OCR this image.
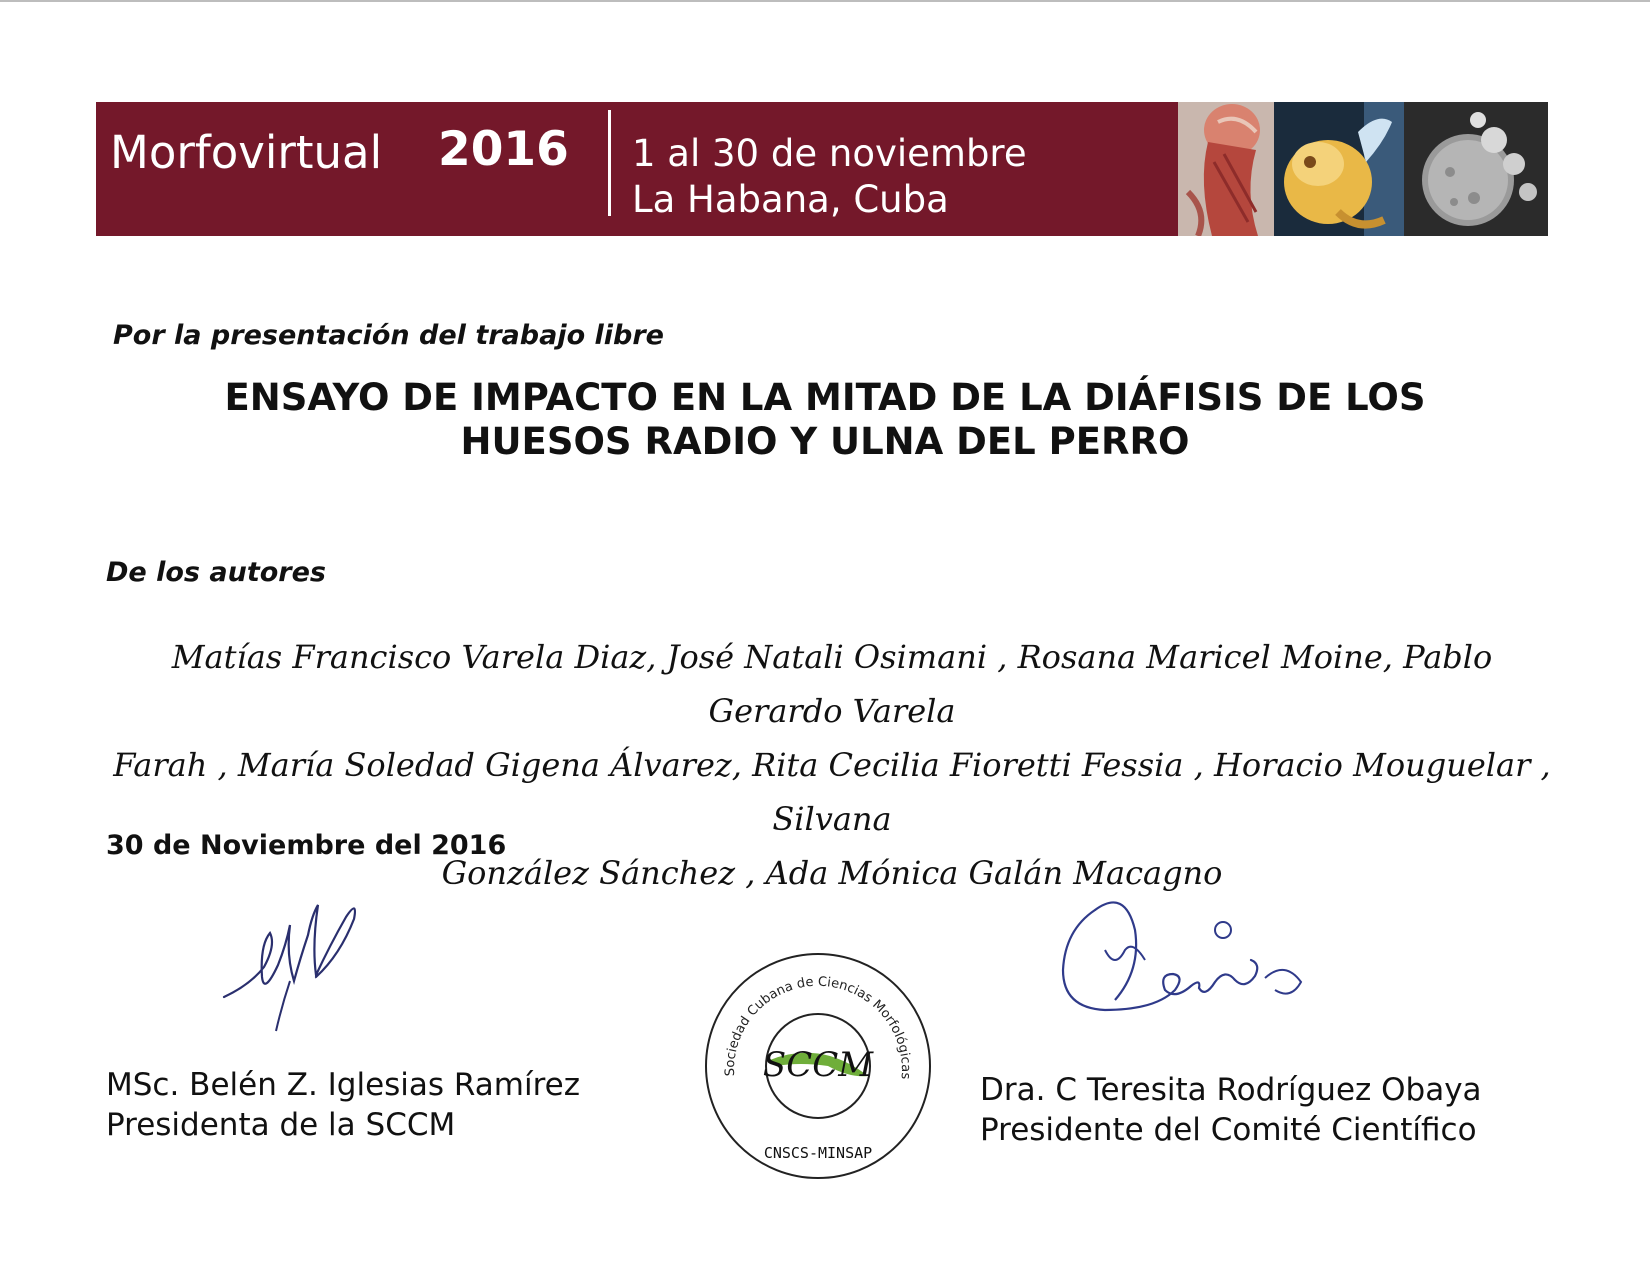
Morfovirtual 2016 1 al 30 de noviembre
La Habana, Cuba
Por la presentación del trabajo libre
ENSAYO DE IMPACTO EN LA MITAD DE LA DIÁFISIS DE LOS
HUESOS RADIO Y ULNA DEL PERRO
De los autores
Matías Francisco Varela Diaz, José Natali Osimani , Rosana Maricel Moine, Pablo Gerardo Varela
Farah , María Soledad Gigena Álvarez, Rita Cecilia Fioretti Fessia , Horacio Mouguelar , Silvana
González Sánchez , Ada Mónica Galán Macagno
30 de Noviembre del 2016
MSc. Belén Z. Iglesias Ramírez
Presidenta de la SCCM
Sociedad Cubana de Ciencias Morfológicas
SCCM
CNSCS-MINSAP
Dra. C Teresita Rodríguez Obaya
Presidente del Comité Científico
